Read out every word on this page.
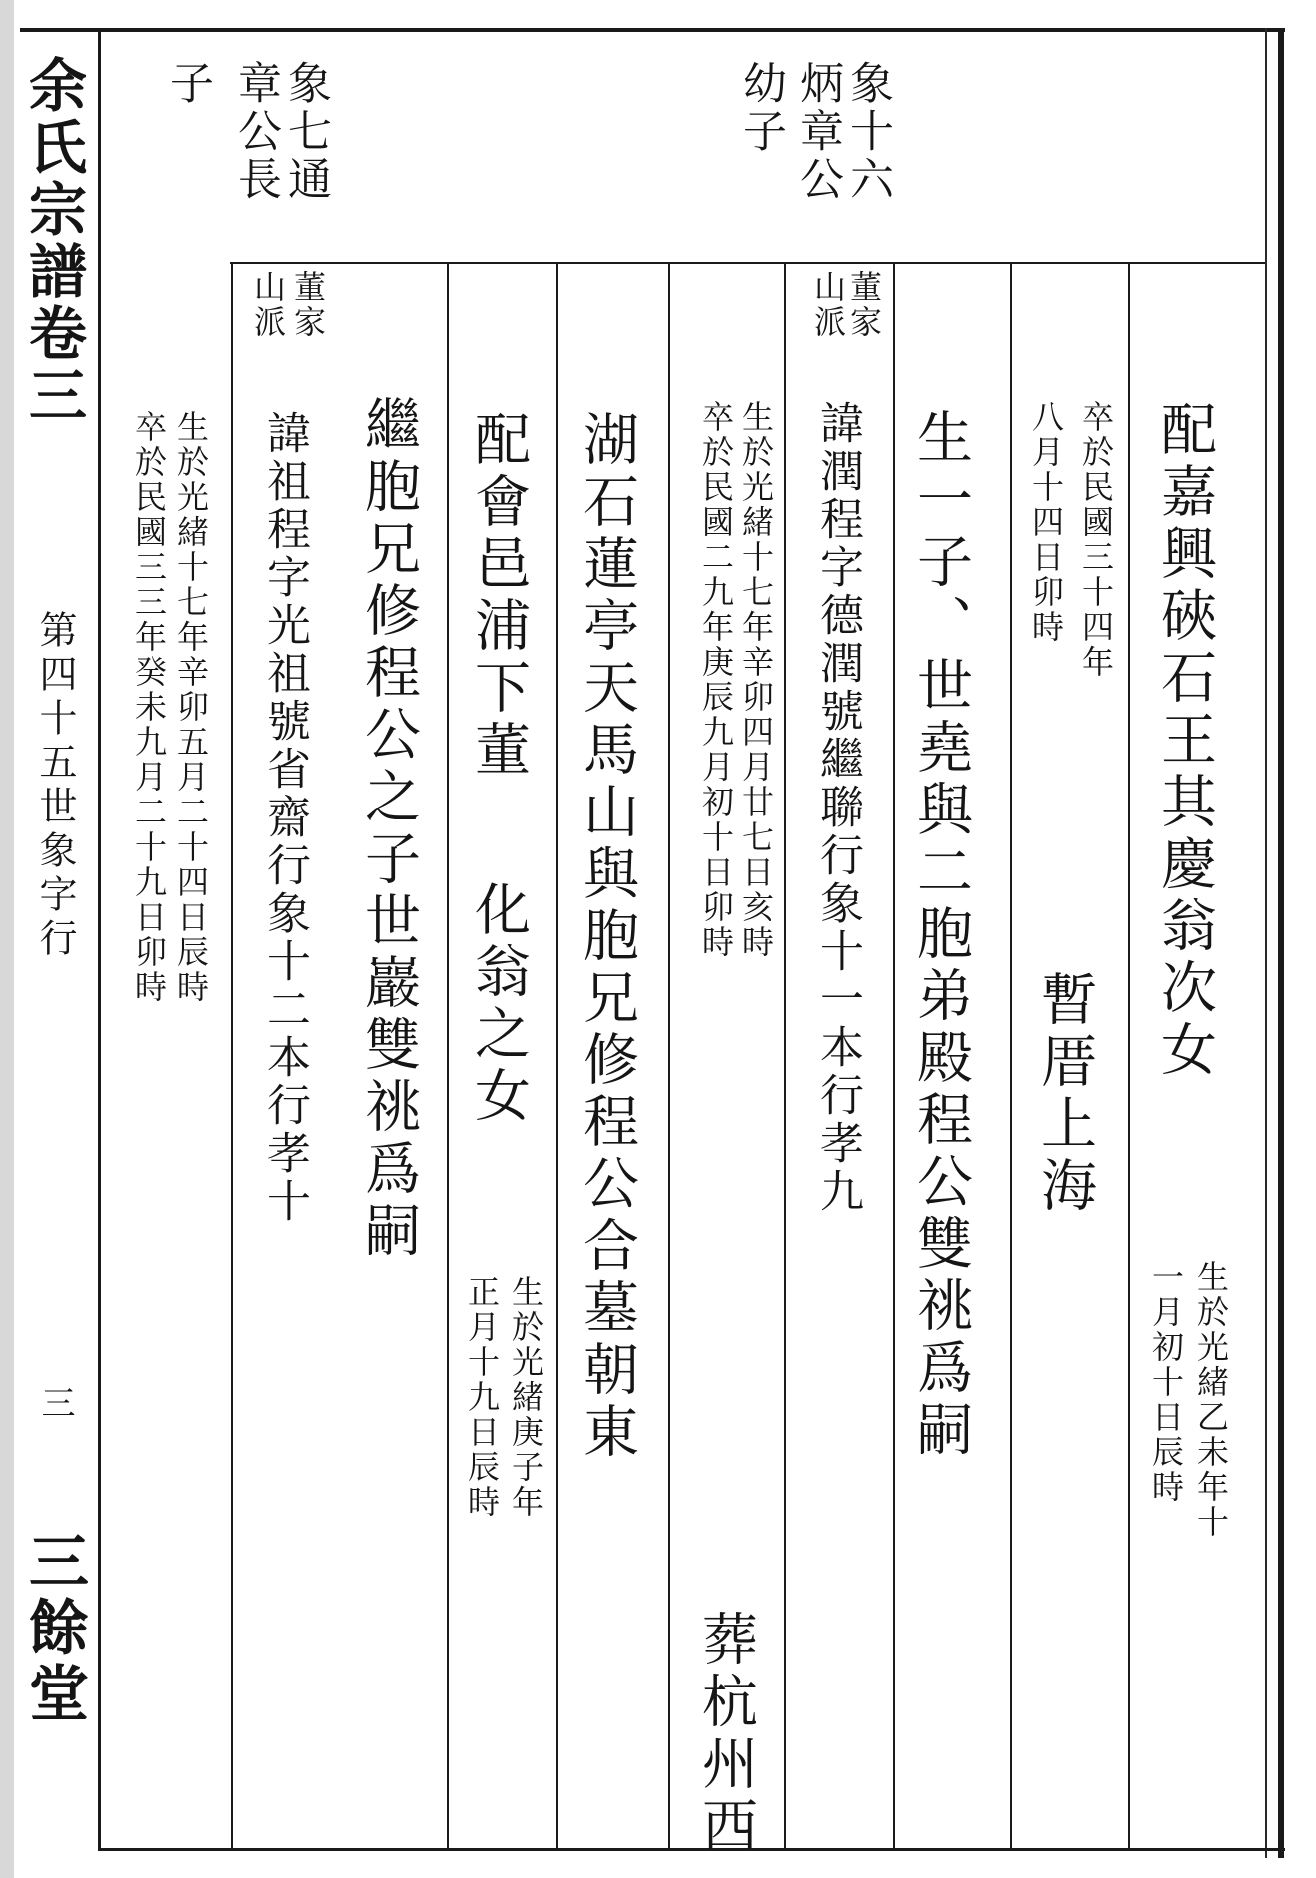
余氏宗譜卷三
第四十五世象字行
三
三餘堂
象十六
炳章公
幼子
象七通
章公長
子
配嘉興硤石王其慶翁次女
生於光緒乙未年十
一月初十日辰時
卒於民國三十四年
八月十四日卯時
暫厝上海
生一子、世堯與二胞弟殿程公雙祧爲嗣
董家
山派
諱潤程字德潤號繼聯行象十一本行孝九
生於光緒十七年辛卯四月廿七日亥時
卒於民國二九年庚辰九月初十日卯時
葬杭州西
湖石蓮亭天馬山與胞兄修程公合墓朝東
配會邑浦下董
化翁之女
生於光緒庚子年
正月十九日辰時
繼胞兄修程公之子世巖雙祧爲嗣
董家
山派
諱祖程字光祖號省齋行象十二本行孝十
生於光緒十七年辛卯五月二十四日辰時
卒於民國三三年癸未九月二十九日卯時
